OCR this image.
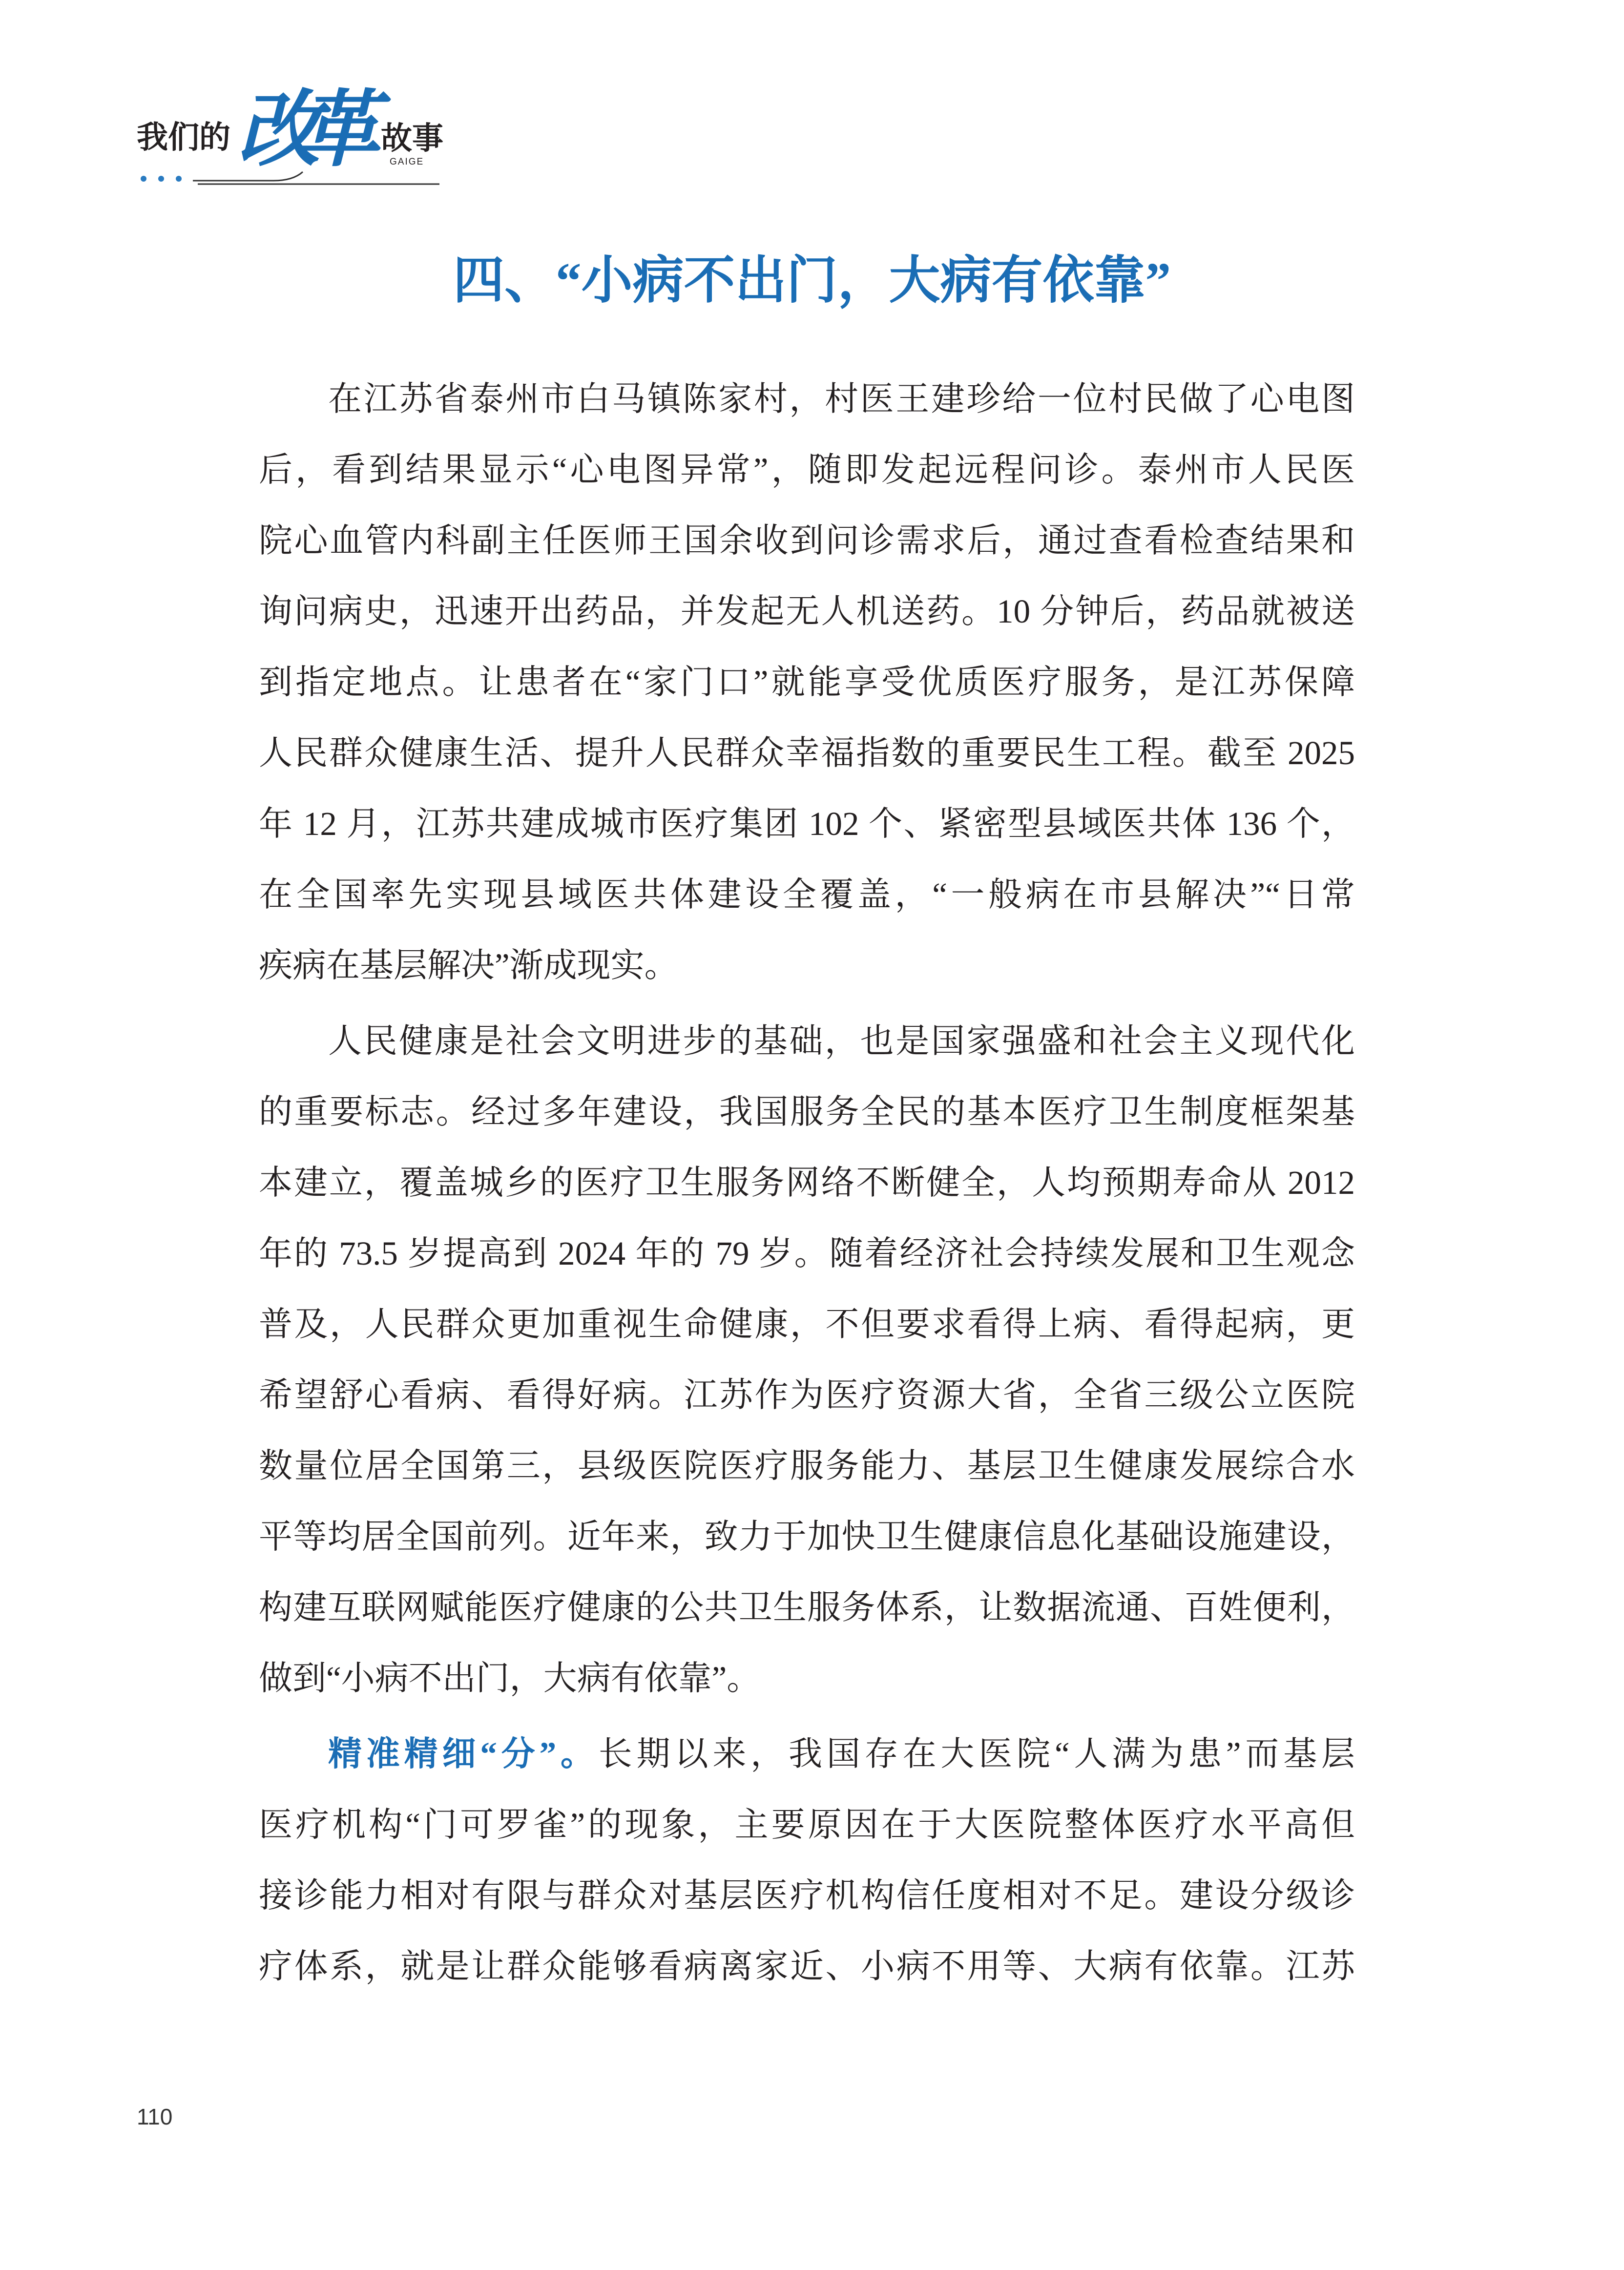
我们的 改革 故事
GAIGE
四、“小病不出门，大病有依靠”
在江苏省泰州市白马镇陈家村，村医王建珍给一位村民做了心电图
后，看到结果显示“心电图异常”，随即发起远程问诊。泰州市人民医
院心血管内科副主任医师王国余收到问诊需求后，通过查看检查结果和
询问病史，迅速开出药品，并发起无人机送药。10 分钟后，药品就被送
到指定地点。让患者在“家门口”就能享受优质医疗服务，是江苏保障
人民群众健康生活、提升人民群众幸福指数的重要民生工程。截至 2025
年 12 月，江苏共建成城市医疗集团 102 个、紧密型县域医共体 136 个，
在全国率先实现县域医共体建设全覆盖，“一般病在市县解决”“日常
疾病在基层解决”渐成现实。
人民健康是社会文明进步的基础，也是国家强盛和社会主义现代化
的重要标志。经过多年建设，我国服务全民的基本医疗卫生制度框架基
本建立，覆盖城乡的医疗卫生服务网络不断健全，人均预期寿命从 2012
年的 73.5 岁提高到 2024 年的 79 岁。随着经济社会持续发展和卫生观念
普及，人民群众更加重视生命健康，不但要求看得上病、看得起病，更
希望舒心看病、看得好病。江苏作为医疗资源大省，全省三级公立医院
数量位居全国第三，县级医院医疗服务能力、基层卫生健康发展综合水
平等均居全国前列。近年来，致力于加快卫生健康信息化基础设施建设，
构建互联网赋能医疗健康的公共卫生服务体系，让数据流通、百姓便利，
做到“小病不出门，大病有依靠”。
精准精细“分”。长期以来，我国存在大医院“人满为患”而基层
医疗机构“门可罗雀”的现象，主要原因在于大医院整体医疗水平高但
接诊能力相对有限与群众对基层医疗机构信任度相对不足。建设分级诊
疗体系，就是让群众能够看病离家近、小病不用等、大病有依靠。江苏
110
